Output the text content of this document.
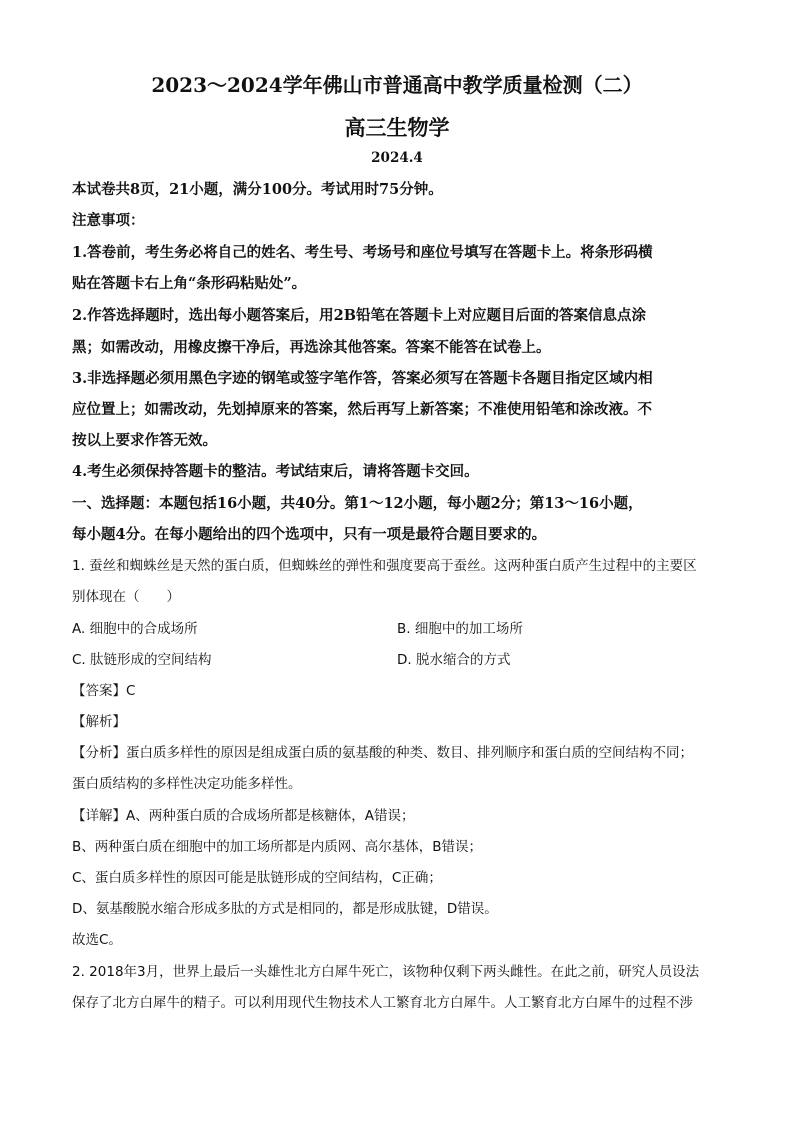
2023～2024学年佛山市普通高中教学质量检测（二）
高三生物学
2024.4
本试卷共8页，21小题，满分100分。考试用时75分钟。
注意事项：
1.答卷前，考生务必将自己的姓名、考生号、考场号和座位号填写在答题卡上。将条形码横
贴在答题卡右上角“条形码粘贴处”。
2.作答选择题时，选出每小题答案后，用2B铅笔在答题卡上对应题目后面的答案信息点涂
黑；如需改动，用橡皮擦干净后，再选涂其他答案。答案不能答在试卷上。
3.非选择题必须用黑色字迹的钢笔或签字笔作答，答案必须写在答题卡各题目指定区域内相
应位置上；如需改动，先划掉原来的答案，然后再写上新答案；不准使用铅笔和涂改液。不
按以上要求作答无效。
4.考生必须保持答题卡的整洁。考试结束后，请将答题卡交回。
一、选择题：本题包括16小题，共40分。第1～12小题，每小题2分；第13～16小题，
每小题4分。在每小题给出的四个选项中，只有一项是最符合题目要求的。
1. 蚕丝和蜘蛛丝是天然的蛋白质，但蜘蛛丝的弹性和强度要高于蚕丝。这两种蛋白质产生过程中的主要区
别体现在（　　）
A. 细胞中的合成场所	B. 细胞中的加工场所
C. 肽链形成的空间结构	D. 脱水缩合的方式
【答案】C
【解析】
【分析】蛋白质多样性的原因是组成蛋白质的氨基酸的种类、数目、排列顺序和蛋白质的空间结构不同；
蛋白质结构的多样性决定功能多样性。
【详解】A、两种蛋白质的合成场所都是核糖体，A错误；
B、两种蛋白质在细胞中的加工场所都是内质网、高尔基体，B错误；
C、蛋白质多样性的原因可能是肽链形成的空间结构，C正确；
D、氨基酸脱水缩合形成多肽的方式是相同的，都是形成肽键，D错误。
故选C。
2. 2018年3月，世界上最后一头雄性北方白犀牛死亡，该物种仅剩下两头雌性。在此之前，研究人员设法
保存了北方白犀牛的精子。可以利用现代生物技术人工繁育北方白犀牛。人工繁育北方白犀牛的过程不涉
